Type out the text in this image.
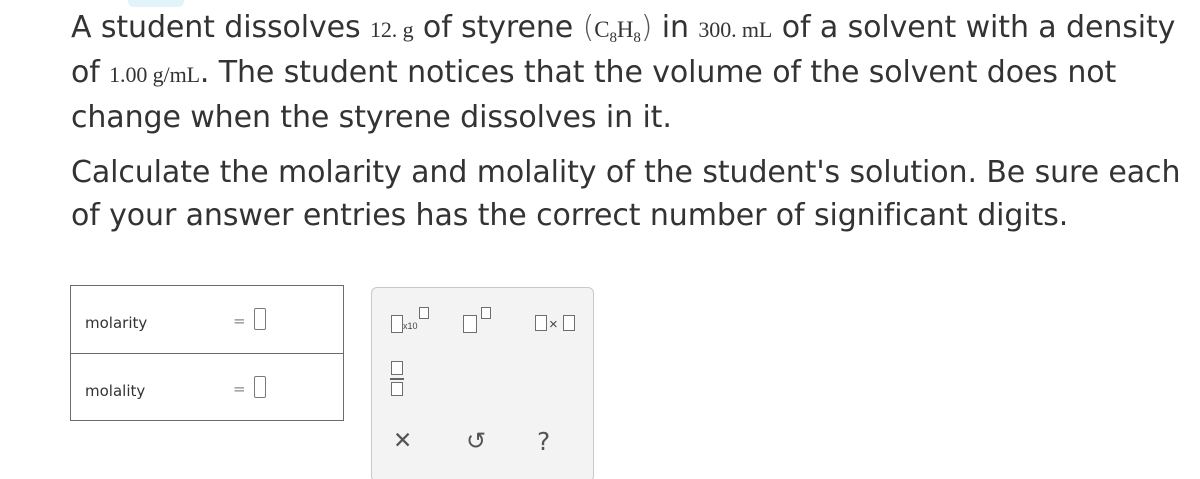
A student dissolves 12. g of styrene $(C_8H_8)$ in 300. mL of a solvent with a density of 1.00 g/mL. The student notices that the volume of the solvent does not change when the styrene dissolves in it.

Calculate the molarity and molality of the student's solution. Be sure each of your answer entries has the correct number of significant digits.

molarity	=
molality	=
x10	×
✕ ↺ ?
